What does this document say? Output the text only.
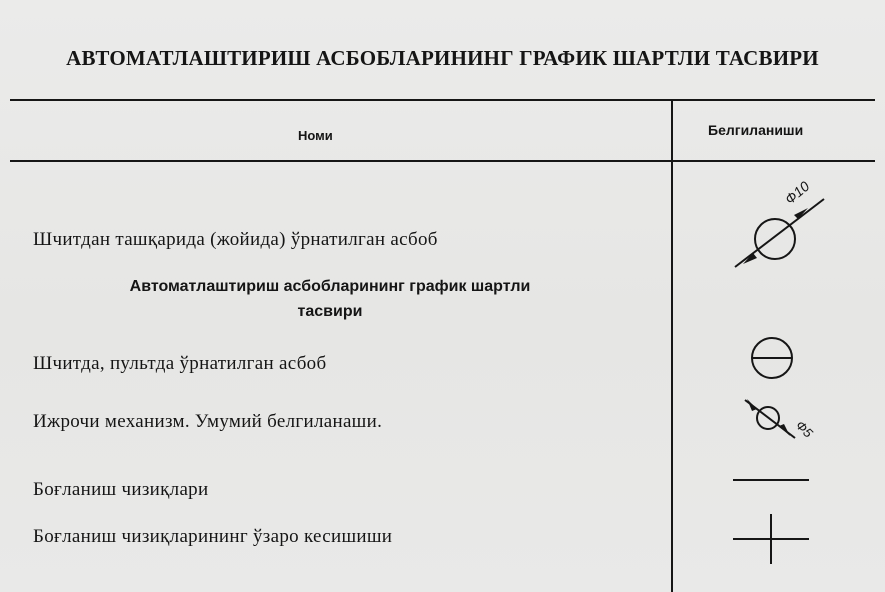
АВТОМАТЛАШТИРИШ АСБОБЛАРИНИНГ ГРАФИК ШАРТЛИ ТАСВИРИ
Номи	Белгиланиши
Шчитдан ташқарида (жойида) ўрнатилган асбоб
Ф10
Автоматлаштириш асбобларининг график шартли
тасвири
Шчитда, пультда ўрнатилган асбоб
Ижрочи механизм. Умумий белгиланаши.	Ф5
Боғланиш чизиқлари
Боғланиш чизиқларининг ўзаро кесишиши
